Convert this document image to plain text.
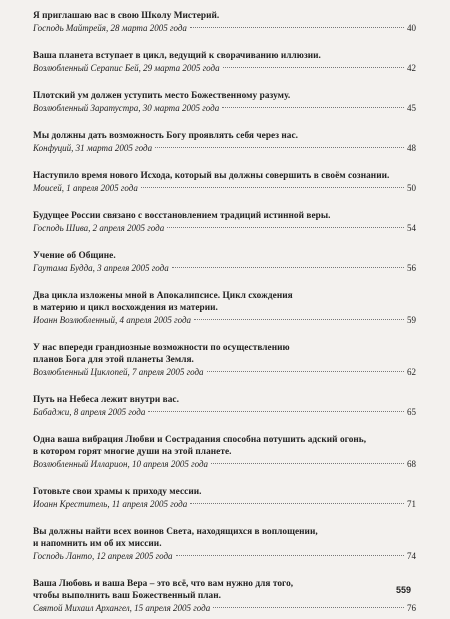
Я приглашаю вас в свою Школу Мистерий.
Господь Майтрейя, 28 марта 2005 года	40
Ваша планета вступает в цикл, ведущий к сворачиванию иллюзии.
Возлюбленный Серапис Бей, 29 марта 2005 года	42
Плотский ум должен уступить место Божественному разуму.
Возлюбленный Заратустра, 30 марта 2005 года	45
Мы должны дать возможность Богу проявлять себя через нас.
Конфуций, 31 марта 2005 года	48
Наступило время нового Исхода, который вы должны совершить в своём сознании.
Моисей, 1 апреля 2005 года	50
Будущее России связано с восстановлением традиций истинной веры.
Господь Шива, 2 апреля 2005 года	54
Учение об Общине.
Гаутама Будда, 3 апреля 2005 года	56
Два цикла изложены мной в Апокалипсисе. Цикл схождения
в материю и цикл восхождения из материи.
Иоанн Возлюбленный, 4 апреля 2005 года	59
У нас впереди грандиозные возможности по осуществлению
планов Бога для этой планеты Земля.
Возлюбленный Циклопей, 7 апреля 2005 года	62
Путь на Небеса лежит внутри вас.
Бабаджи, 8 апреля 2005 года	65
Одна ваша вибрация Любви и Сострадания способна потушить адский огонь,
в котором горят многие души на этой планете.
Возлюбленный Илларион, 10 апреля 2005 года	68
Готовьте свои храмы к приходу мессии.
Иоанн Креститель, 11 апреля 2005 года	71
Вы должны найти всех воинов Света, находящихся в воплощении,
и напомнить им об их миссии.
Господь Ланто, 12 апреля 2005 года	74
Ваша Любовь и ваша Вера – это всё, что вам нужно для того,
чтобы выполнить ваш Божественный план.
Святой Михаил Архангел, 15 апреля 2005 года	76
559
